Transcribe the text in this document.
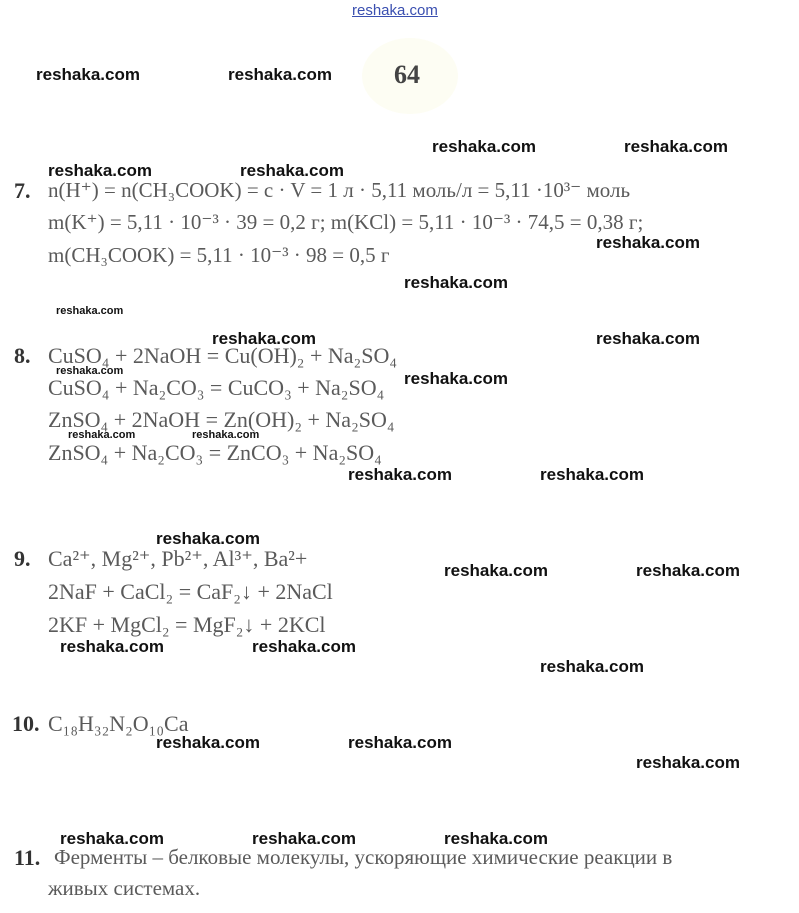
reshaka.com
64
reshaka.com	reshaka.com
reshaka.com	reshaka.com
reshaka.com	reshaka.com
reshaka.com
reshaka.com
reshaka.com
reshaka.com	reshaka.com
reshaka.com	reshaka.com
reshaka.com	reshaka.com
reshaka.com	reshaka.com
reshaka.com
reshaka.com	reshaka.com
reshaka.com	reshaka.com
reshaka.com
reshaka.com	reshaka.com
reshaka.com
reshaka.com	reshaka.com	reshaka.com
7. n(H⁺) = n(CH₃COOK) = c · V = 1 л · 5,11 моль/л = 5,11 ·10³⁻ моль
m(K⁺) = 5,11 · 10⁻³ · 39 = 0,2 г; m(KCl) = 5,11 · 10⁻³ · 74,5 = 0,38 г;
m(CH₃COOK) = 5,11 · 10⁻³ · 98 = 0,5 г
8. CuSO₄ + 2NaOH = Cu(OH)₂ + Na₂SO₄
CuSO₄ + Na₂CO₃ = CuCO₃ + Na₂SO₄
ZnSO₄ + 2NaOH = Zn(OH)₂ + Na₂SO₄
ZnSO₄ + Na₂CO₃ = ZnCO₃ + Na₂SO₄
9. Ca²⁺, Mg²⁺, Pb²⁺, Al³⁺, Ba²+
2NaF + CaCl₂ = CaF₂↓ + 2NaCl
2KF + MgCl₂ = MgF₂↓ + 2KCl
10. C₁₈H₃₂N₂O₁₀Ca
11. Ферменты – белковые молекулы, ускоряющие химические реакции в
живых системах.
